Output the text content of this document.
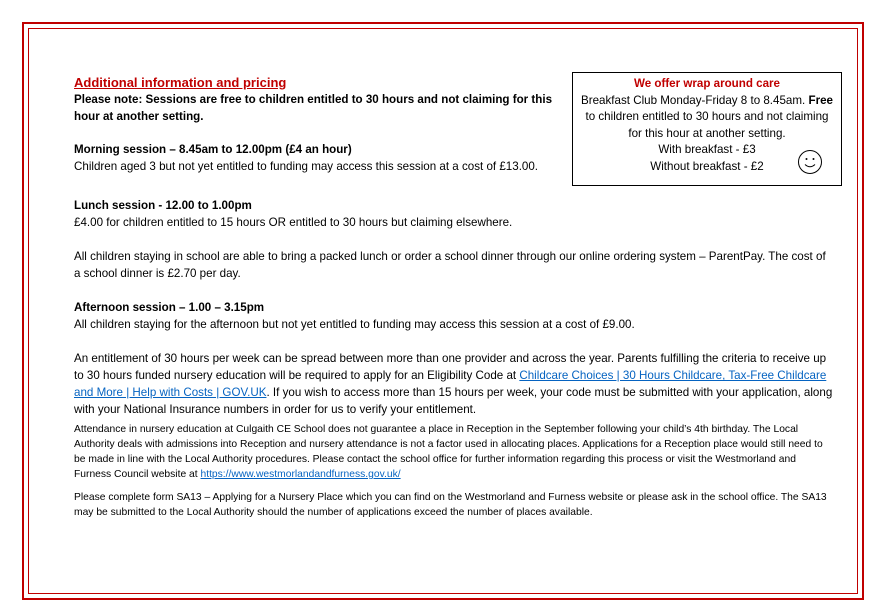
Additional information and pricing

Please note: Sessions are free to children entitled to 30 hours and not claiming for this hour at another setting.

Morning session – 8.45am to 12.00pm (£4 an hour)

Children aged 3 but not yet entitled to funding may access this session at a cost of £13.00.

Lunch session - 12.00 to 1.00pm

£4.00 for children entitled to 15 hours OR entitled to 30 hours but claiming elsewhere.

All children staying in school are able to bring a packed lunch or order a school dinner through our online ordering system – ParentPay. The cost of a school dinner is £2.70 per day.

Afternoon session – 1.00 – 3.15pm

All children staying for the afternoon but not yet entitled to funding may access this session at a cost of £9.00.

An entitlement of 30 hours per week can be spread between more than one provider and across the year. Parents fulfilling the criteria to receive up to 30 hours funded nursery education will be required to apply for an Eligibility Code at Childcare Choices | 30 Hours Childcare, Tax-Free Childcare and More | Help with Costs | GOV.UK. If you wish to access more than 15 hours per week, your code must be submitted with your application, along with your National Insurance numbers in order for us to verify your entitlement.

Attendance in nursery education at Culgaith CE School does not guarantee a place in Reception in the September following your child’s 4th birthday. The Local Authority deals with admissions into Reception and nursery attendance is not a factor used in allocating places. Applications for a Reception place would still need to be made in line with the Local Authority procedures. Please contact the school office for further information regarding this process or visit the Westmorland and Furness Council website at https://www.westmorlandandfurness.gov.uk/

Please complete form SA13 – Applying for a Nursery Place which you can find on the Westmorland and Furness website or please ask in the school office. The SA13 may be submitted to the Local Authority should the number of applications exceed the number of places available.

We offer wrap around care
Breakfast Club Monday-Friday 8 to 8.45am. Free
to children entitled to 30 hours and not claiming for this hour at another setting.
With breakfast - £3
Without breakfast - £2
